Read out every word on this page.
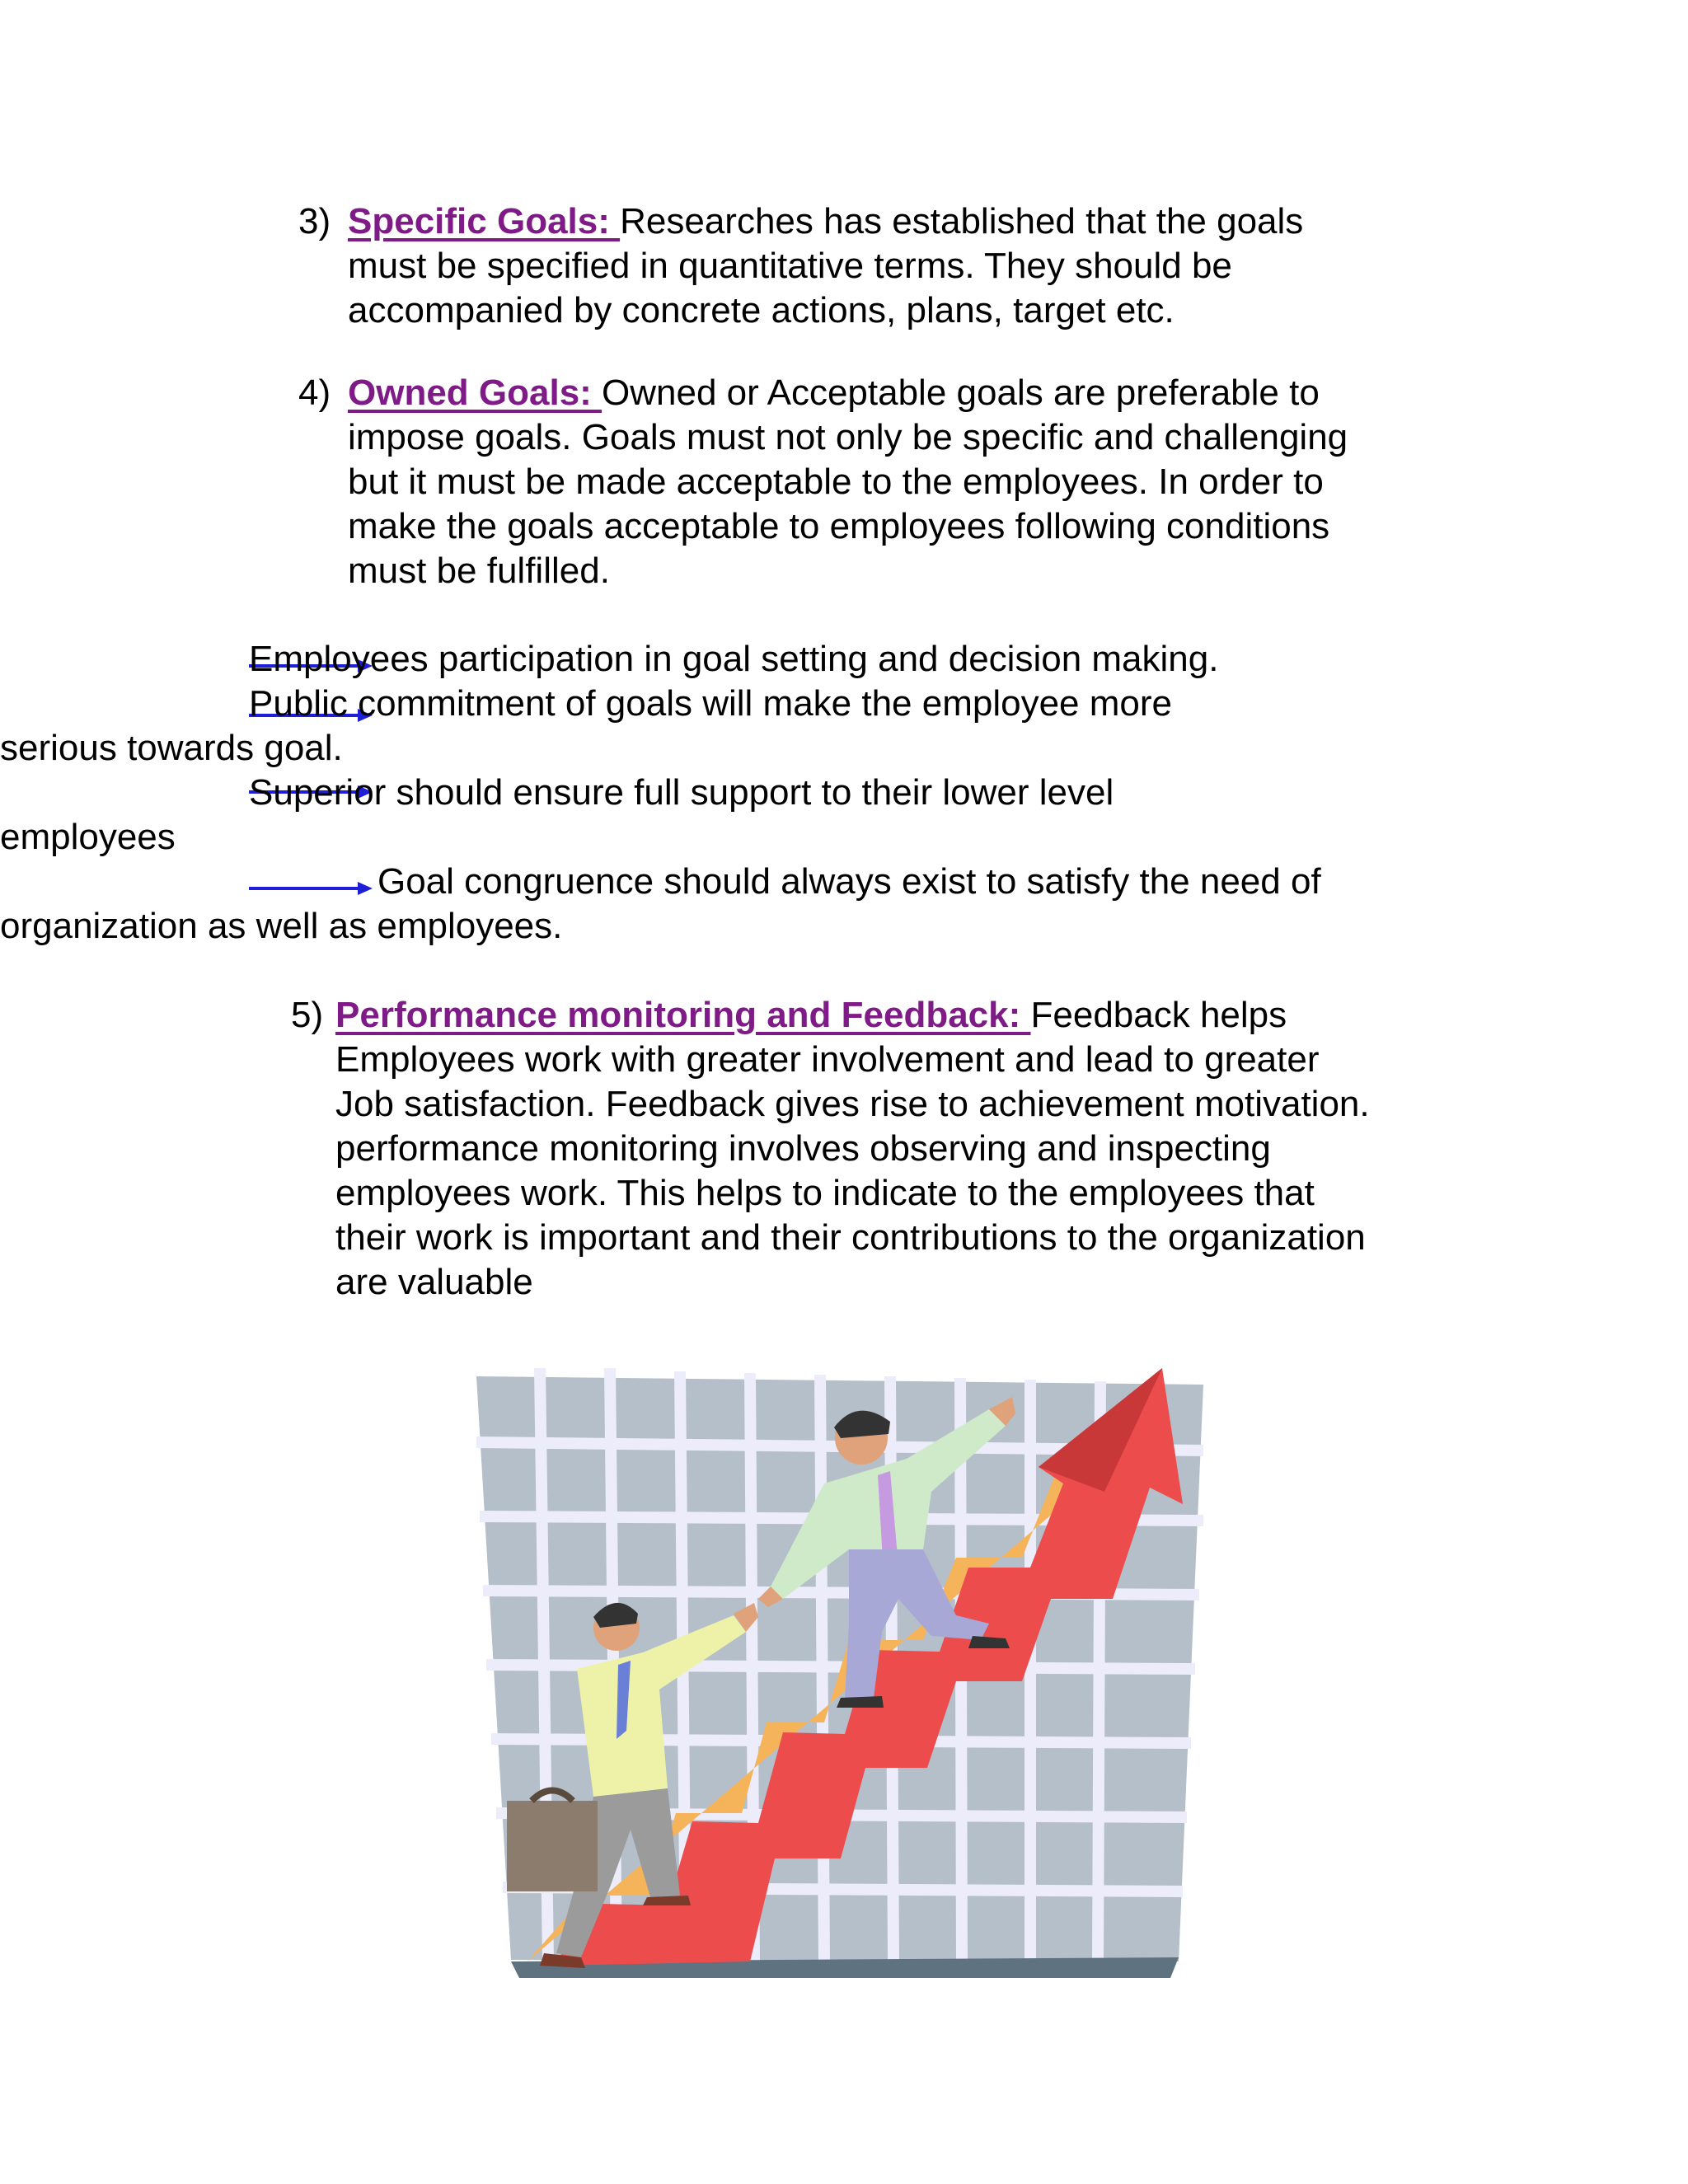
3) Specific Goals: Researches has established that the goals
must be specified in quantitative terms. They should be
accompanied by concrete actions, plans, target etc.
4) Owned Goals: Owned or Acceptable goals are preferable to
impose goals. Goals must not only be specific and challenging
but it must be made acceptable to the employees. In order to
make the goals acceptable to employees following conditions
must be fulfilled.
Employees participation in goal setting and decision making.
Public commitment of goals will make the employee more
serious towards goal.
Superior should ensure full support to their lower level
employees
Goal congruence should always exist to satisfy the need of
organization as well as employees.
5) Performance monitoring and Feedback: Feedback helps
Employees work with greater involvement and lead to greater
Job satisfaction. Feedback gives rise to achievement motivation.
performance monitoring involves observing and inspecting
employees work. This helps to indicate to the employees that
their work is important and their contributions to the organization
are valuable
